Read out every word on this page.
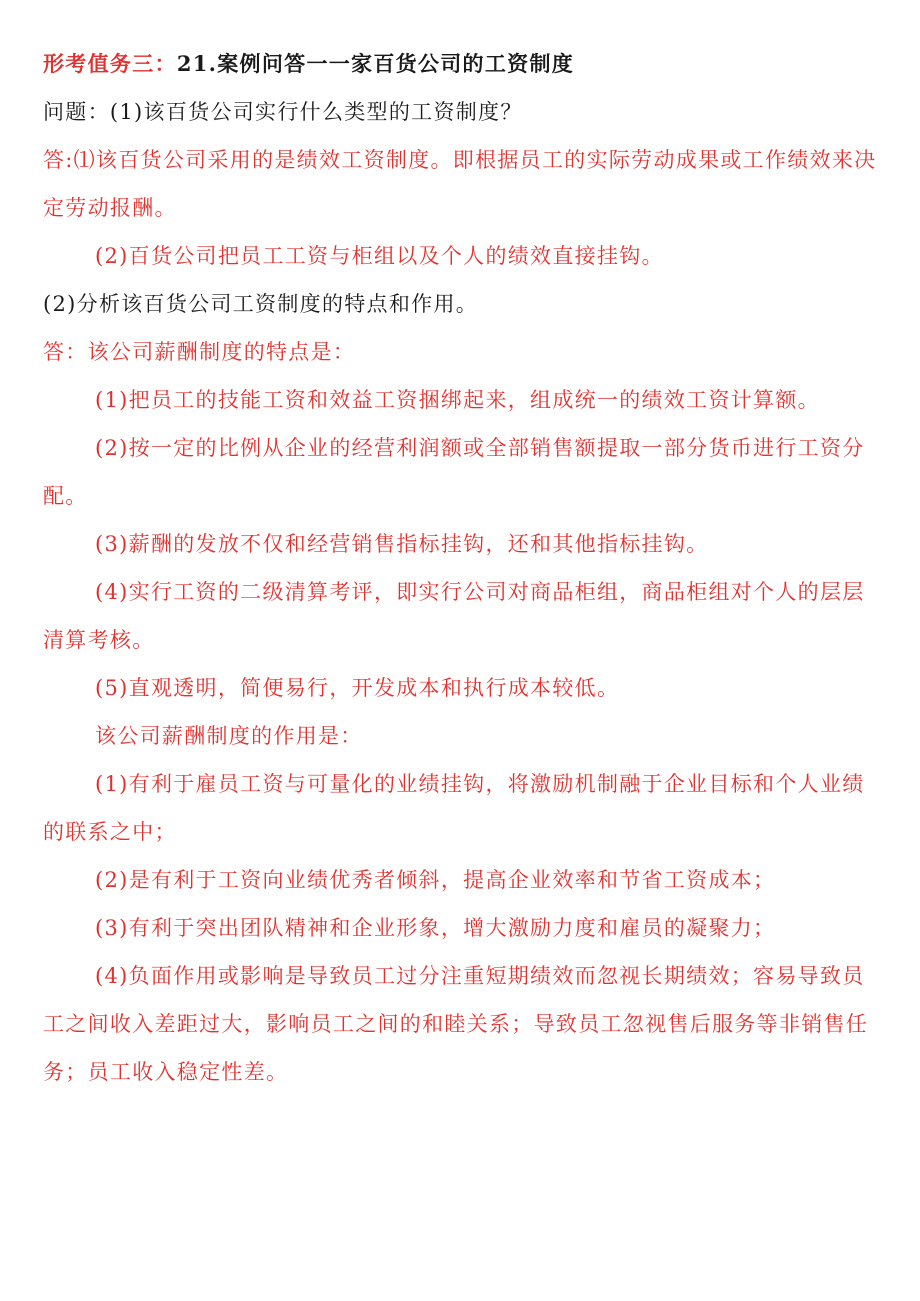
形考值务三：21.案例问答一一家百货公司的工资制度

问题：(1)该百货公司实行什么类型的工资制度？

答:⑴该百货公司采用的是绩效工资制度。即根据员工的实际劳动成果或工作绩效来决定劳动报酬。

(2)百货公司把员工工资与柜组以及个人的绩效直接挂钩。

(2)分析该百货公司工资制度的特点和作用。

答：该公司薪酬制度的特点是：

(1)把员工的技能工资和效益工资捆绑起来，组成统一的绩效工资计算额。

(2)按一定的比例从企业的经营利润额或全部销售额提取一部分货币进行工资分配。

(3)薪酬的发放不仅和经营销售指标挂钩，还和其他指标挂钩。

(4)实行工资的二级清算考评，即实行公司对商品柜组，商品柜组对个人的层层清算考核。

(5)直观透明，简便易行，开发成本和执行成本较低。

该公司薪酬制度的作用是：

(1)有利于雇员工资与可量化的业绩挂钩，将激励机制融于企业目标和个人业绩的联系之中；

(2)是有利于工资向业绩优秀者倾斜，提高企业效率和节省工资成本；

(3)有利于突出团队精神和企业形象，增大激励力度和雇员的凝聚力；

(4)负面作用或影响是导致员工过分注重短期绩效而忽视长期绩效；容易导致员工之间收入差距过大，影响员工之间的和睦关系；导致员工忽视售后服务等非销售任务；员工收入稳定性差。
